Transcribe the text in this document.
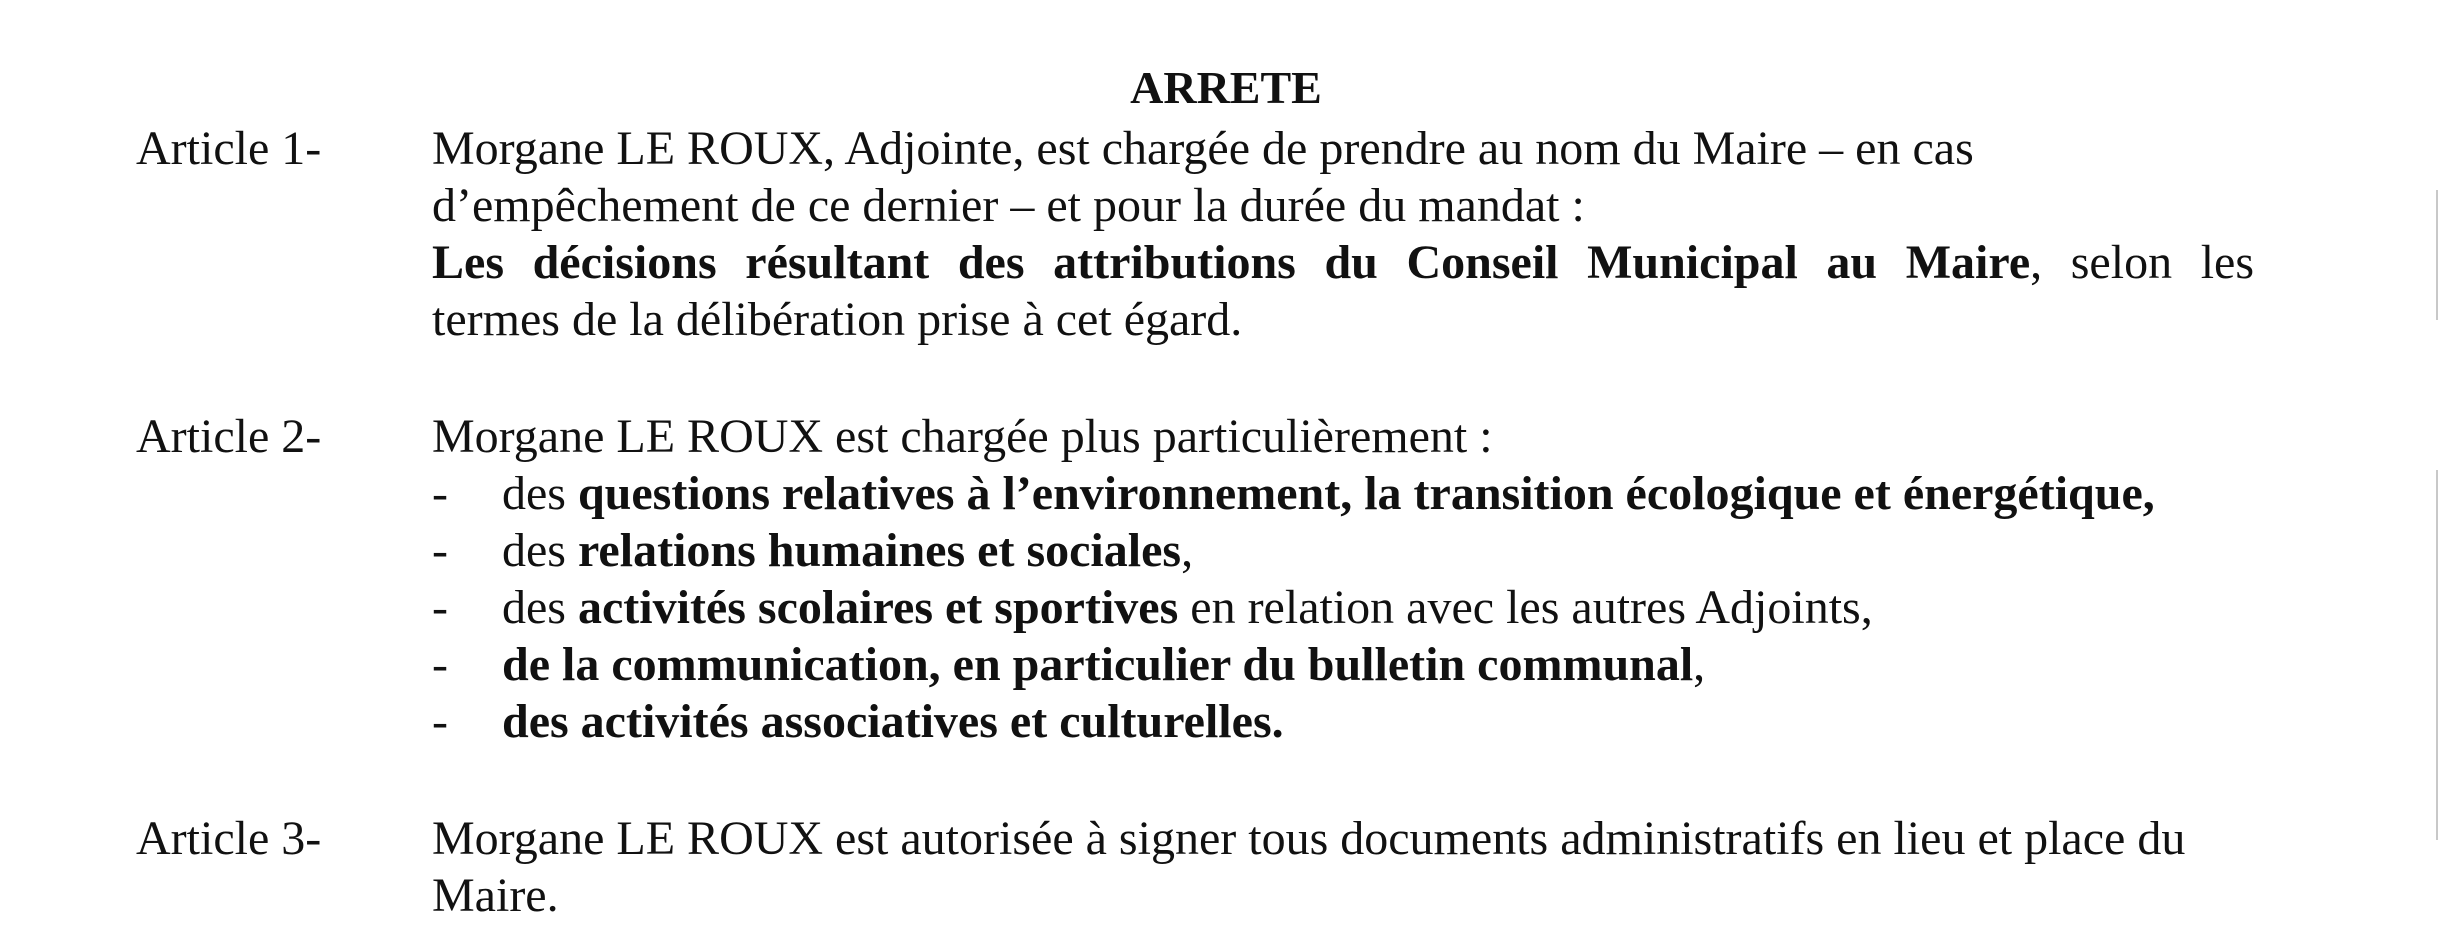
ARRETE
Article 1- Morgane LE ROUX, Adjointe, est chargée de prendre au nom du Maire – en cas
d’empêchement de ce dernier – et pour la durée du mandat :
Les décisions résultant des attributions du Conseil Municipal au Maire, selon les
termes de la délibération prise à cet égard.
Article 2- Morgane LE ROUX est chargée plus particulièrement :
- des questions relatives à l’environnement, la transition écologique et énergétique,
- des relations humaines et sociales,
- des activités scolaires et sportives en relation avec les autres Adjoints,
- de la communication, en particulier du bulletin communal,
- des activités associatives et culturelles.
Article 3- Morgane LE ROUX est autorisée à signer tous documents administratifs en lieu et place du
Maire.
